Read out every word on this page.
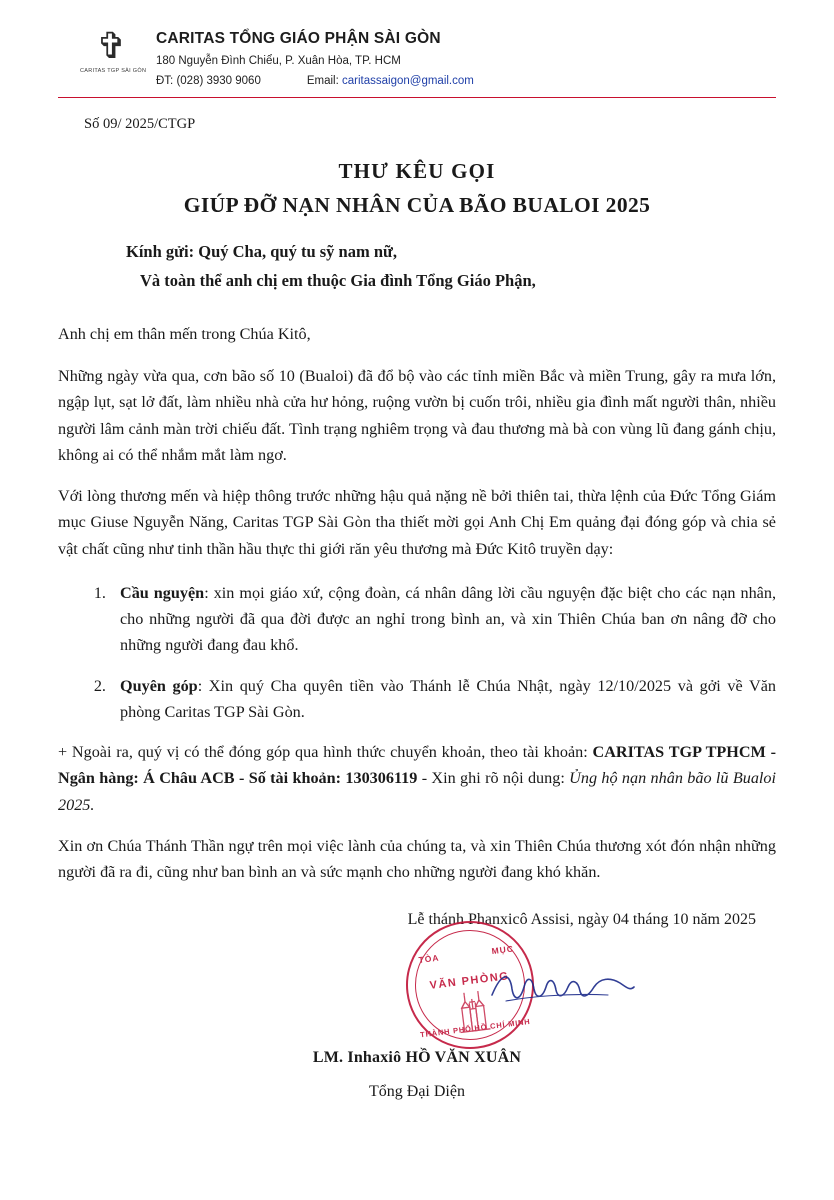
✞
CARITAS TGP SÀI GÒN
CARITAS TỔNG GIÁO PHẬN SÀI GÒN
180 Nguyễn Đình Chiểu, P. Xuân Hòa, TP. HCM
ĐT: (028) 3930 9060	Email: caritassaigon@gmail.com
Số 09/ 2025/CTGP
THƯ KÊU GỌI
GIÚP ĐỠ NẠN NHÂN CỦA BÃO BUALOI 2025
Kính gửi: Quý Cha, quý tu sỹ nam nữ,
Và toàn thể anh chị em thuộc Gia đình Tổng Giáo Phận,

Anh chị em thân mến trong Chúa Kitô,

Những ngày vừa qua, cơn bão số 10 (Bualoi) đã đổ bộ vào các tỉnh miền Bắc và miền Trung, gây ra mưa lớn, ngập lụt, sạt lở đất, làm nhiều nhà cửa hư hỏng, ruộng vườn bị cuốn trôi, nhiều gia đình mất người thân, nhiều người lâm cảnh màn trời chiếu đất. Tình trạng nghiêm trọng và đau thương mà bà con vùng lũ đang gánh chịu, không ai có thể nhắm mắt làm ngơ.

Với lòng thương mến và hiệp thông trước những hậu quả nặng nề bởi thiên tai, thừa lệnh của Đức Tổng Giám mục Giuse Nguyễn Năng, Caritas TGP Sài Gòn tha thiết mời gọi Anh Chị Em quảng đại đóng góp và chia sẻ vật chất cũng như tinh thần hầu thực thi giới răn yêu thương mà Đức Kitô truyền dạy:

1. Cầu nguyện: xin mọi giáo xứ, cộng đoàn, cá nhân dâng lời cầu nguyện đặc biệt cho các nạn nhân, cho những người đã qua đời được an nghỉ trong bình an, và xin Thiên Chúa ban ơn nâng đỡ cho những người đang đau khổ.
2. Quyên góp: Xin quý Cha quyên tiền vào Thánh lễ Chúa Nhật, ngày 12/10/2025 và gởi về Văn phòng Caritas TGP Sài Gòn.

+ Ngoài ra, quý vị có thể đóng góp qua hình thức chuyển khoản, theo tài khoản: CARITAS TGP TPHCM - Ngân hàng: Á Châu ACB - Số tài khoản: 130306119 - Xin ghi rõ nội dung: Ủng hộ nạn nhân bão lũ Bualoi 2025.

Xin ơn Chúa Thánh Thần ngự trên mọi việc lành của chúng ta, và xin Thiên Chúa thương xót đón nhận những người đã ra đi, cũng như ban bình an và sức mạnh cho những người đang khó khăn.

Lễ thánh Phanxicô Assisi, ngày 04 tháng 10 năm 2025
TÒA
MỤC
VĂN PHÒNG
THÀNH PHỐ HỒ CHÍ MINH
LM. Inhaxiô HỒ VĂN XUÂN
Tổng Đại Diện
